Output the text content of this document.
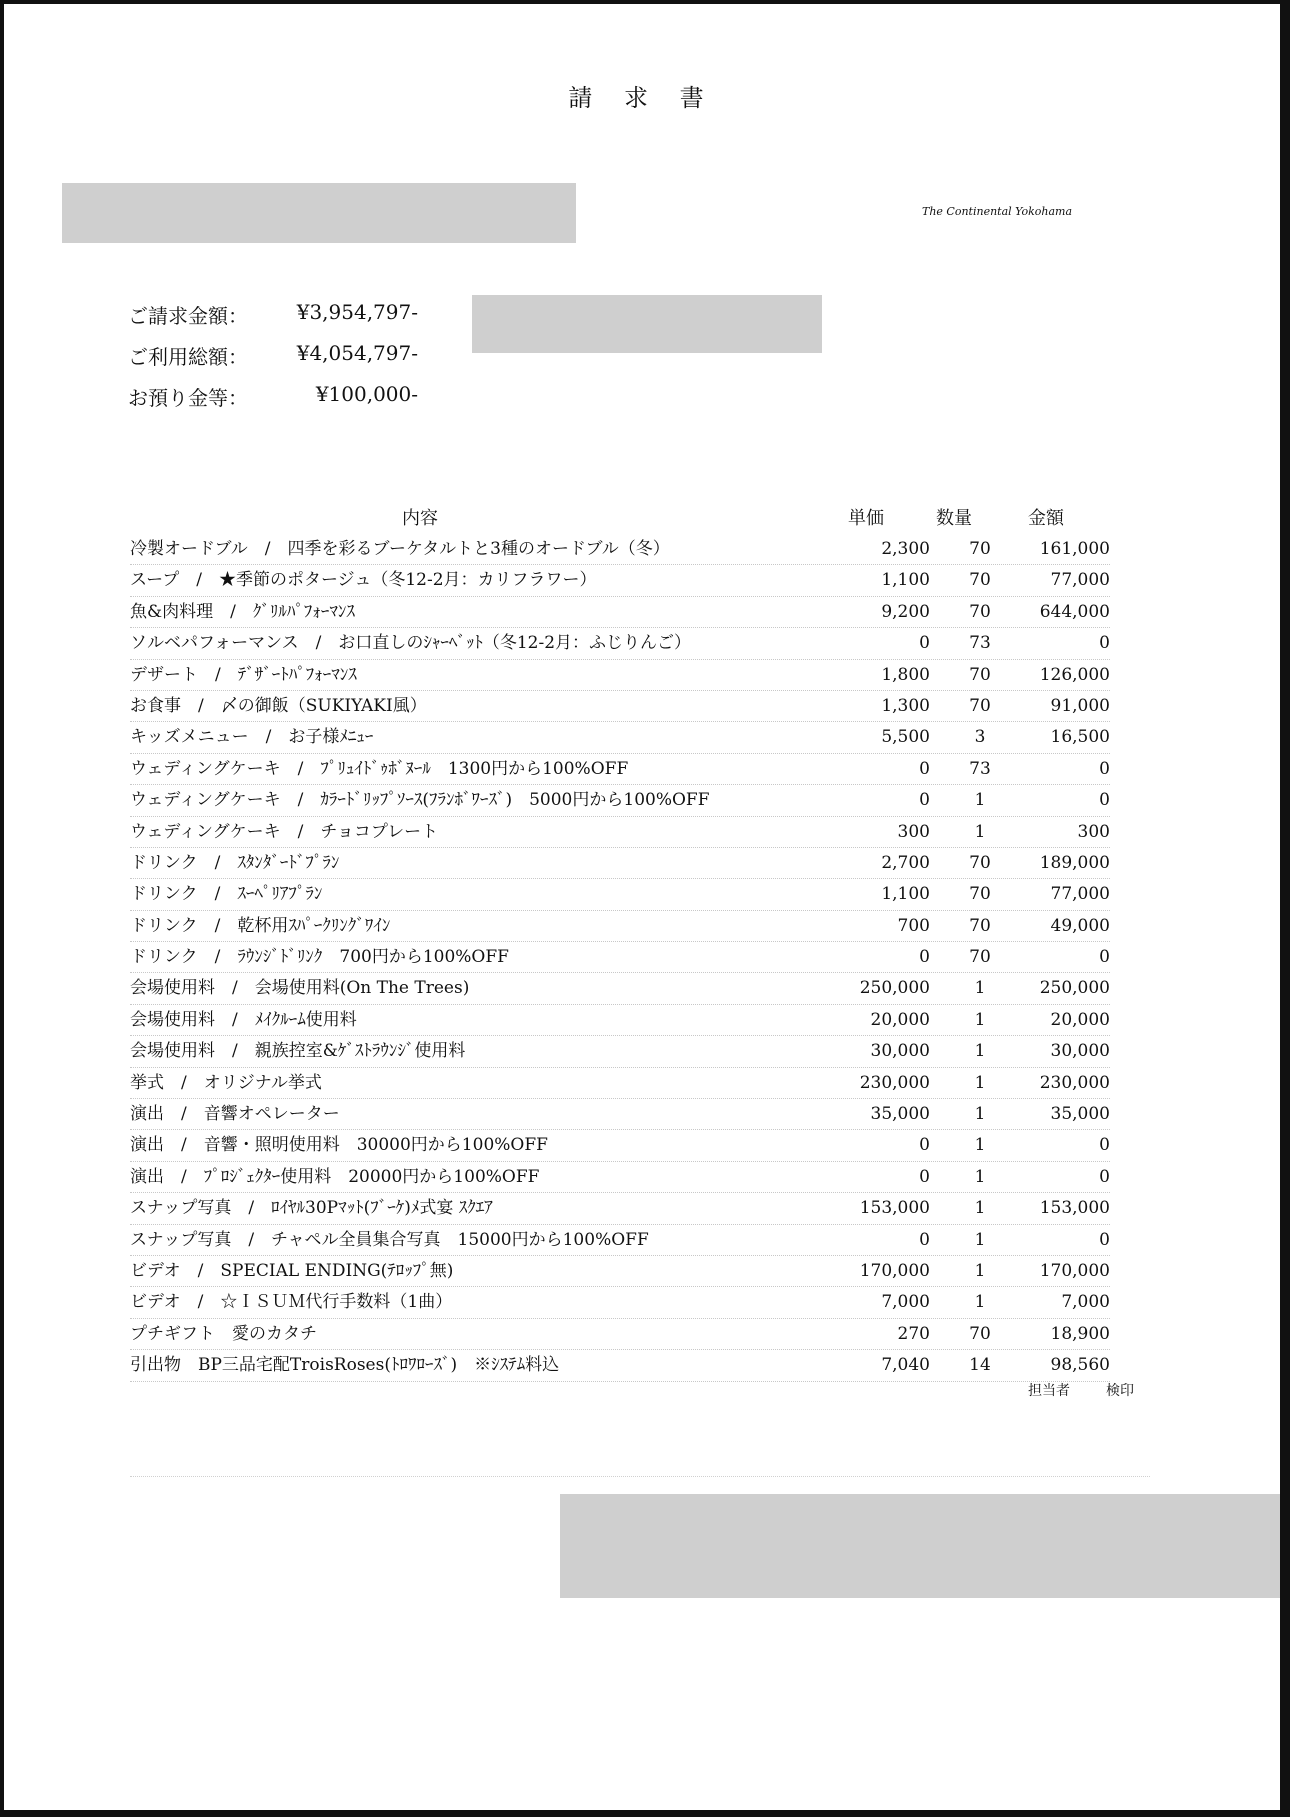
請 求 書
The Continental Yokohama
ご請求金額：	¥3,954,797-
ご利用総額：	¥4,054,797-
お預り金等：	¥100,000-
内容	単価	数量	金額
冷製オードブル　/　四季を彩るブーケタルトと3種のオードブル（冬）	2,300	70	161,000
スープ　/　★季節のポタージュ（冬12-2月：カリフラワー）	1,100	70	77,000
魚&肉料理　/　ｸﾞﾘﾙﾊﾟﾌｫｰﾏﾝｽ	9,200	70	644,000
ソルベパフォーマンス　/　お口直しのｼｬｰﾍﾞｯﾄ（冬12-2月：ふじりんご）	0	73	0
デザート　/　ﾃﾞｻﾞｰﾄﾊﾟﾌｫｰﾏﾝｽ	1,800	70	126,000
お食事　/　〆の御飯（SUKIYAKI風）	1,300	70	91,000
キッズメニュー　/　お子様ﾒﾆｭｰ	5,500	3	16,500
ウェディングケーキ　/　ﾌﾟﾘｭｲﾄﾞｩﾎﾞﾇｰﾙ　1300円から100%OFF	0	73	0
ウェディングケーキ　/　ｶﾗｰﾄﾞﾘｯﾌﾟｿｰｽ(ﾌﾗﾝﾎﾞﾜｰｽﾞ)　5000円から100%OFF	0	1	0
ウェディングケーキ　/　チョコプレート	300	1	300
ドリンク　/　ｽﾀﾝﾀﾞｰﾄﾞﾌﾟﾗﾝ	2,700	70	189,000
ドリンク　/　ｽｰﾍﾟﾘｱﾌﾟﾗﾝ	1,100	70	77,000
ドリンク　/　乾杯用ｽﾊﾟｰｸﾘﾝｸﾞﾜｲﾝ	700	70	49,000
ドリンク　/　ﾗｳﾝｼﾞﾄﾞﾘﾝｸ　700円から100%OFF	0	70	0
会場使用料　/　会場使用料(On The Trees)	250,000	1	250,000
会場使用料　/　ﾒｲｸﾙｰﾑ使用料	20,000	1	20,000
会場使用料　/　親族控室&ｹﾞｽﾄﾗｳﾝｼﾞ使用料	30,000	1	30,000
挙式　/　オリジナル挙式	230,000	1	230,000
演出　/　音響オペレーター	35,000	1	35,000
演出　/　音響・照明使用料　30000円から100%OFF	0	1	0
演出　/　ﾌﾟﾛｼﾞｪｸﾀｰ使用料　20000円から100%OFF	0	1	0
スナップ写真　/　ﾛｲﾔﾙ30Pﾏｯﾄ(ﾌﾞｰｹ)ﾒ式宴 ｽｸｴｱ	153,000	1	153,000
スナップ写真　/　チャペル全員集合写真　15000円から100%OFF	0	1	0
ビデオ　/　SPECIAL ENDING(ﾃﾛｯﾌﾟ無)	170,000	1	170,000
ビデオ　/　☆ＩＳＵＭ代行手数料（1曲）	7,000	1	7,000
プチギフト　愛のカタチ	270	70	18,900
引出物　BP三品宅配TroisRoses(ﾄﾛﾜﾛｰｽﾞ)　※ｼｽﾃﾑ料込	7,040	14	98,560
担当者	検印
